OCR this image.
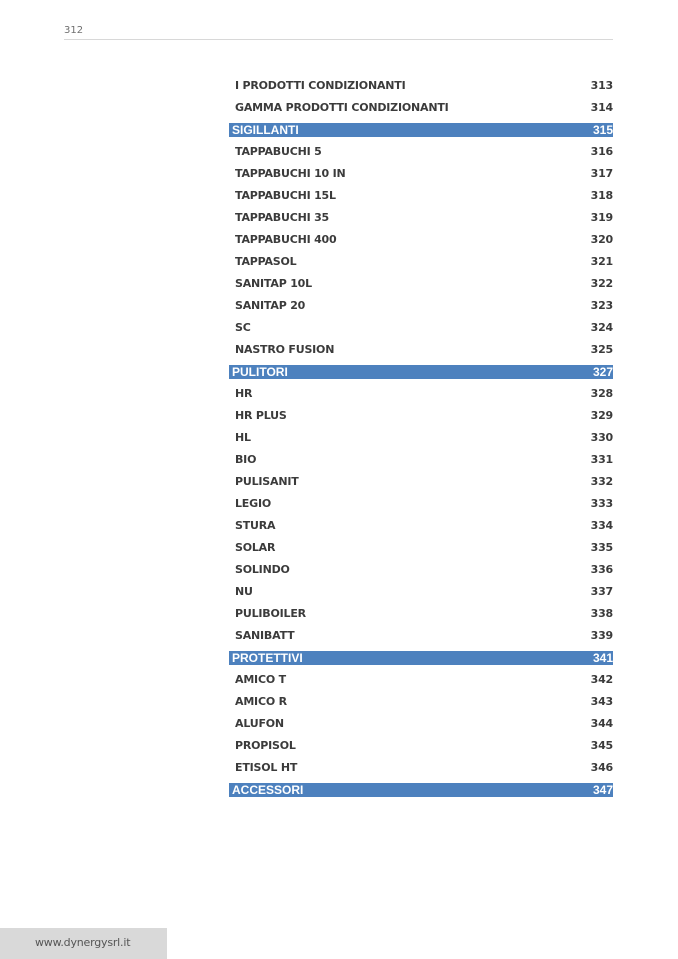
312
I PRODOTTI CONDIZIONANTI	313
GAMMA PRODOTTI CONDIZIONANTI	314
SIGILLANTI	315
TAPPABUCHI 5	316
TAPPABUCHI 10 IN	317
TAPPABUCHI 15L	318
TAPPABUCHI 35	319
TAPPABUCHI 400	320
TAPPASOL	321
SANITAP 10L	322
SANITAP 20	323
SC	324
NASTRO FUSION	325
PULITORI	327
HR	328
HR PLUS	329
HL	330
BIO	331
PULISANIT	332
LEGIO	333
STURA	334
SOLAR	335
SOLINDO	336
NU	337
PULIBOILER	338
SANIBATT	339
PROTETTIVI	341
AMICO T	342
AMICO R	343
ALUFON	344
PROPISOL	345
ETISOL HT	346
ACCESSORI	347
www.dynergysrl.it
